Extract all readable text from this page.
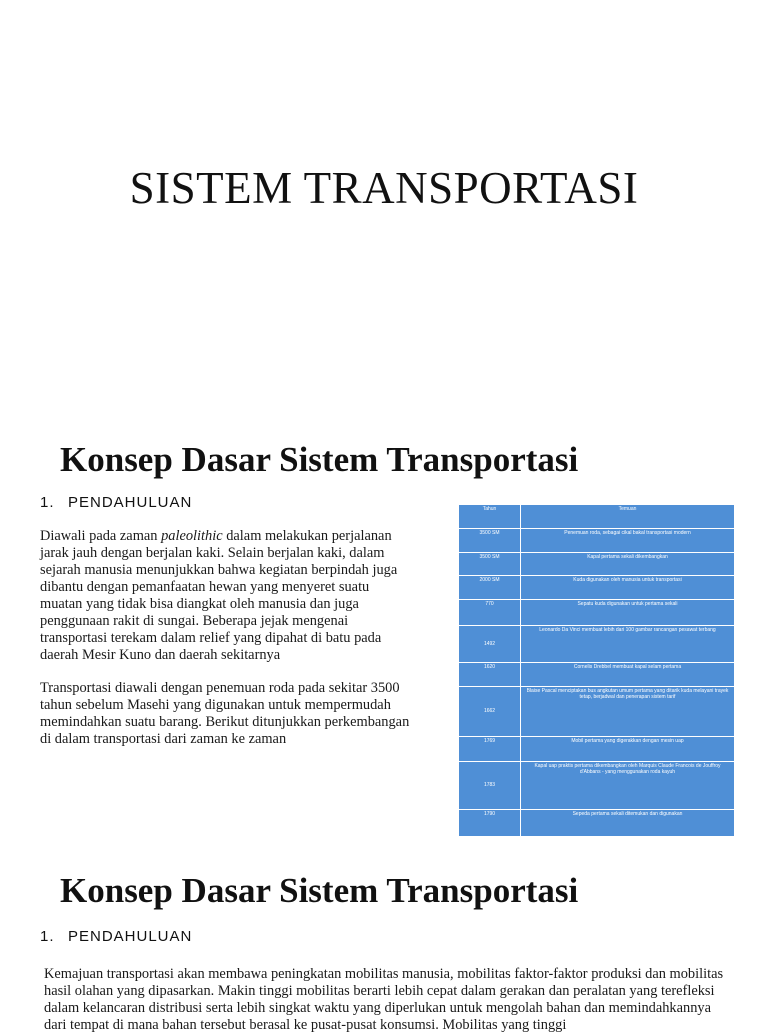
SISTEM TRANSPORTASI
Konsep Dasar Sistem Transportasi
1. PENDAHULUAN
Diawali pada zaman paleolithic dalam melakukan perjalanan jarak jauh dengan berjalan kaki. Selain berjalan kaki, dalam sejarah manusia menunjukkan bahwa kegiatan berpindah juga dibantu dengan pemanfaatan hewan yang menyeret suatu muatan yang tidak bisa diangkat oleh manusia dan juga penggunaan rakit di sungai. Beberapa jejak mengenai transportasi terekam dalam relief yang dipahat di batu pada daerah Mesir Kuno dan daerah sekitarnya
Transportasi diawali dengan penemuan roda pada sekitar 3500 tahun sebelum Masehi yang digunakan untuk mempermudah memindahkan suatu barang. Berikut ditunjukkan perkembangan di dalam transportasi dari zaman ke zaman
Tahun	Temuan
3500 SM	Penemuan roda, sebagai cikal bakal transportasi modern
3500 SM	Kapal pertama sekali dikembangkan
2000 SM	Kuda digunakan oleh manusia untuk transportasi
770	Sepatu kuda digunakan untuk pertama sekali
1492	Leonardo Da Vinci membuat lebih dari 100 gambar rancangan pesawat terbang
1620	Cornelis Drebbel membuat kapal selam pertama
1662	Blaise Pascal menciptakan bus angkutan umum pertama yang ditarik kuda melayani trayek tetap, berjadwal dan penerapan sistem tarif
1769	Mobil pertama yang digerakkan dengan mesin uap
1783	Kapal uap praktis pertama dikembangkan oleh Marquis Claude Francois de Jouffroy d'Abbans - yang menggunakan roda kayuh
1790	Sepeda pertama sekali ditemukan dan digunakan
Konsep Dasar Sistem Transportasi
1. PENDAHULUAN
Kemajuan transportasi akan membawa peningkatan mobilitas manusia, mobilitas faktor-faktor produksi dan mobilitas hasil olahan yang dipasarkan. Makin tinggi mobilitas berarti lebih cepat dalam gerakan dan peralatan yang terefleksi dalam kelancaran distribusi serta lebih singkat waktu yang diperlukan untuk mengolah bahan dan memindahkannya dari tempat di mana bahan tersebut berasal ke pusat-pusat konsumsi. Mobilitas yang tinggi
